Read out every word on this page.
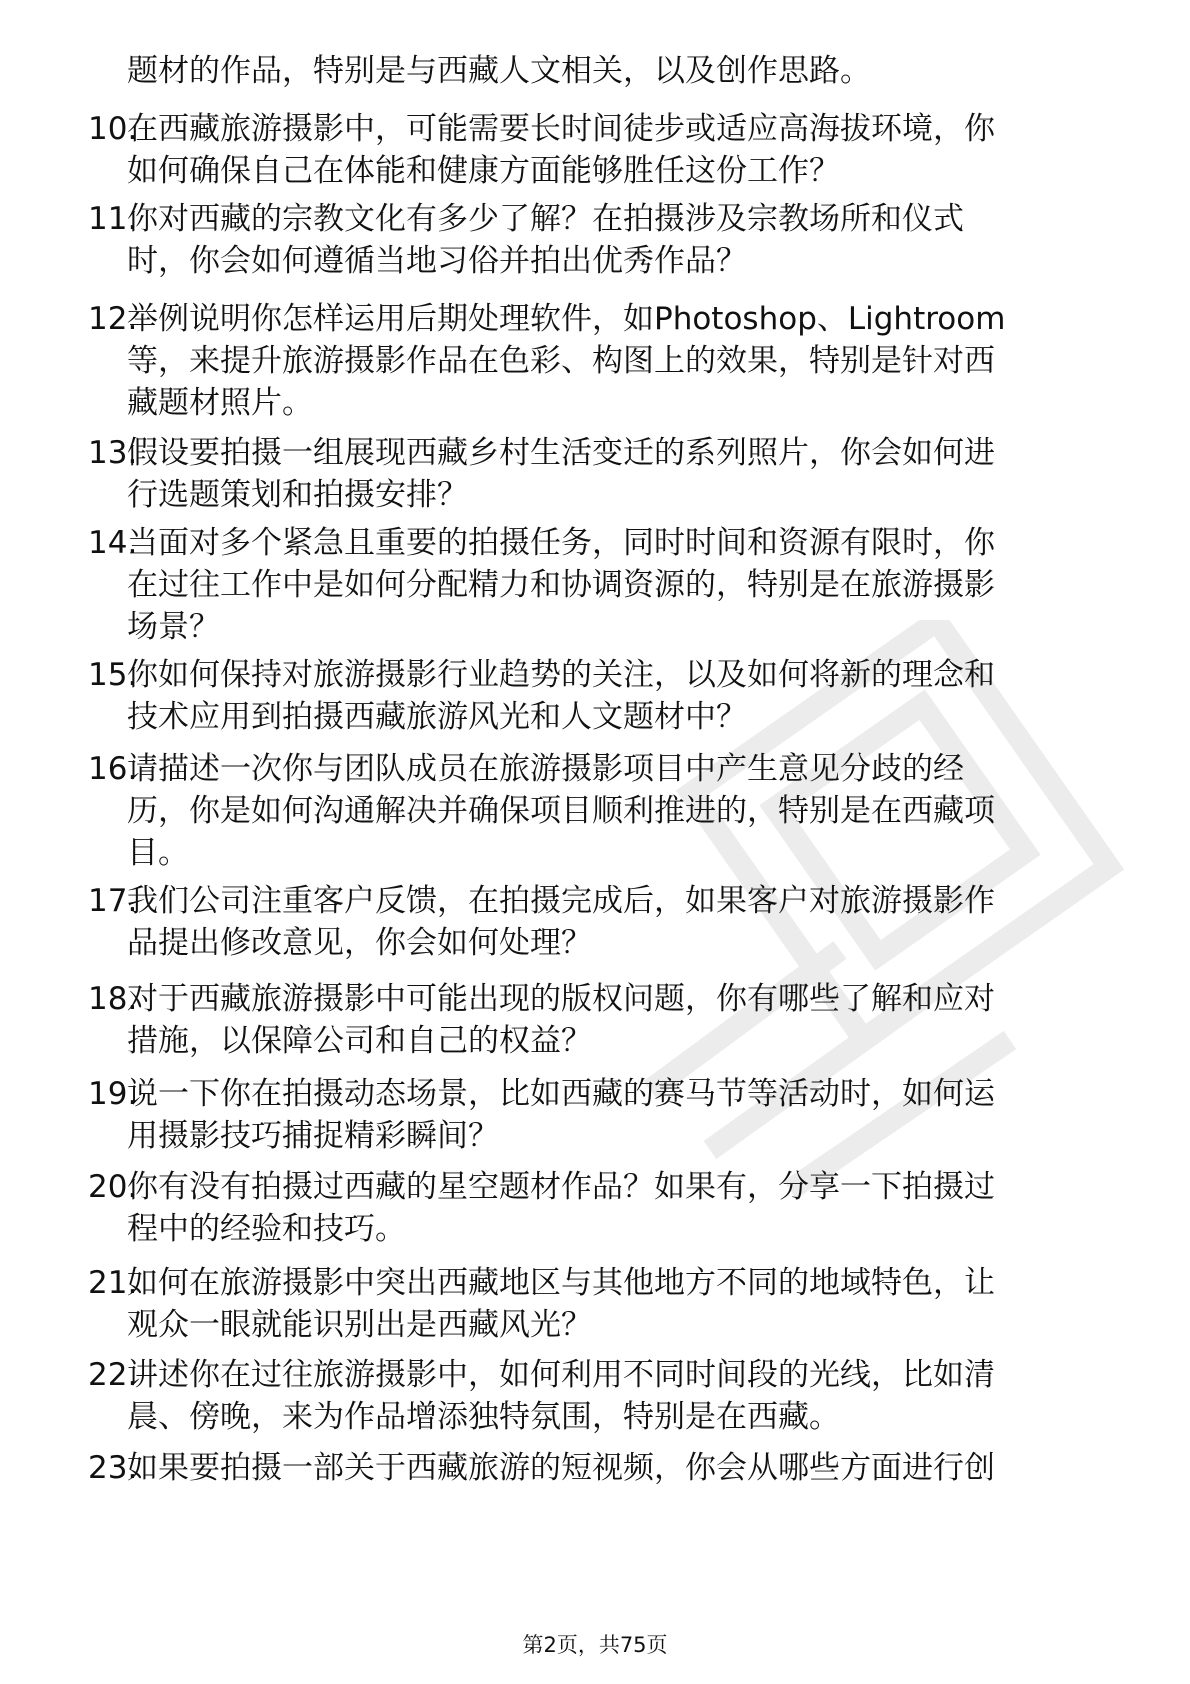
题材的作品，特别是与西藏人文相关，以及创作思路。
10.
在西藏旅游摄影中，可能需要长时间徒步或适应高海拔环境，你
如何确保自己在体能和健康方面能够胜任这份工作？
11.
你对西藏的宗教文化有多少了解？在拍摄涉及宗教场所和仪式
时，你会如何遵循当地习俗并拍出优秀作品？
12.
举例说明你怎样运用后期处理软件，如Photoshop、Lightroom
等，来提升旅游摄影作品在色彩、构图上的效果，特别是针对西
藏题材照片。
13.
假设要拍摄一组展现西藏乡村生活变迁的系列照片，你会如何进
行选题策划和拍摄安排？
14.
当面对多个紧急且重要的拍摄任务，同时时间和资源有限时，你
在过往工作中是如何分配精力和协调资源的，特别是在旅游摄影
场景？
15.
你如何保持对旅游摄影行业趋势的关注，以及如何将新的理念和
技术应用到拍摄西藏旅游风光和人文题材中？
16.
请描述一次你与团队成员在旅游摄影项目中产生意见分歧的经
历，你是如何沟通解决并确保项目顺利推进的，特别是在西藏项
目。
17.
我们公司注重客户反馈，在拍摄完成后，如果客户对旅游摄影作
品提出修改意见，你会如何处理？
18.
对于西藏旅游摄影中可能出现的版权问题，你有哪些了解和应对
措施，以保障公司和自己的权益？
19.
说一下你在拍摄动态场景，比如西藏的赛马节等活动时，如何运
用摄影技巧捕捉精彩瞬间？
20.
你有没有拍摄过西藏的星空题材作品？如果有，分享一下拍摄过
程中的经验和技巧。
21.
如何在旅游摄影中突出西藏地区与其他地方不同的地域特色，让
观众一眼就能识别出是西藏风光？
22.
讲述你在过往旅游摄影中，如何利用不同时间段的光线，比如清
晨、傍晚，来为作品增添独特氛围，特别是在西藏。
23.
如果要拍摄一部关于西藏旅游的短视频，你会从哪些方面进行创
第2页，共75页
